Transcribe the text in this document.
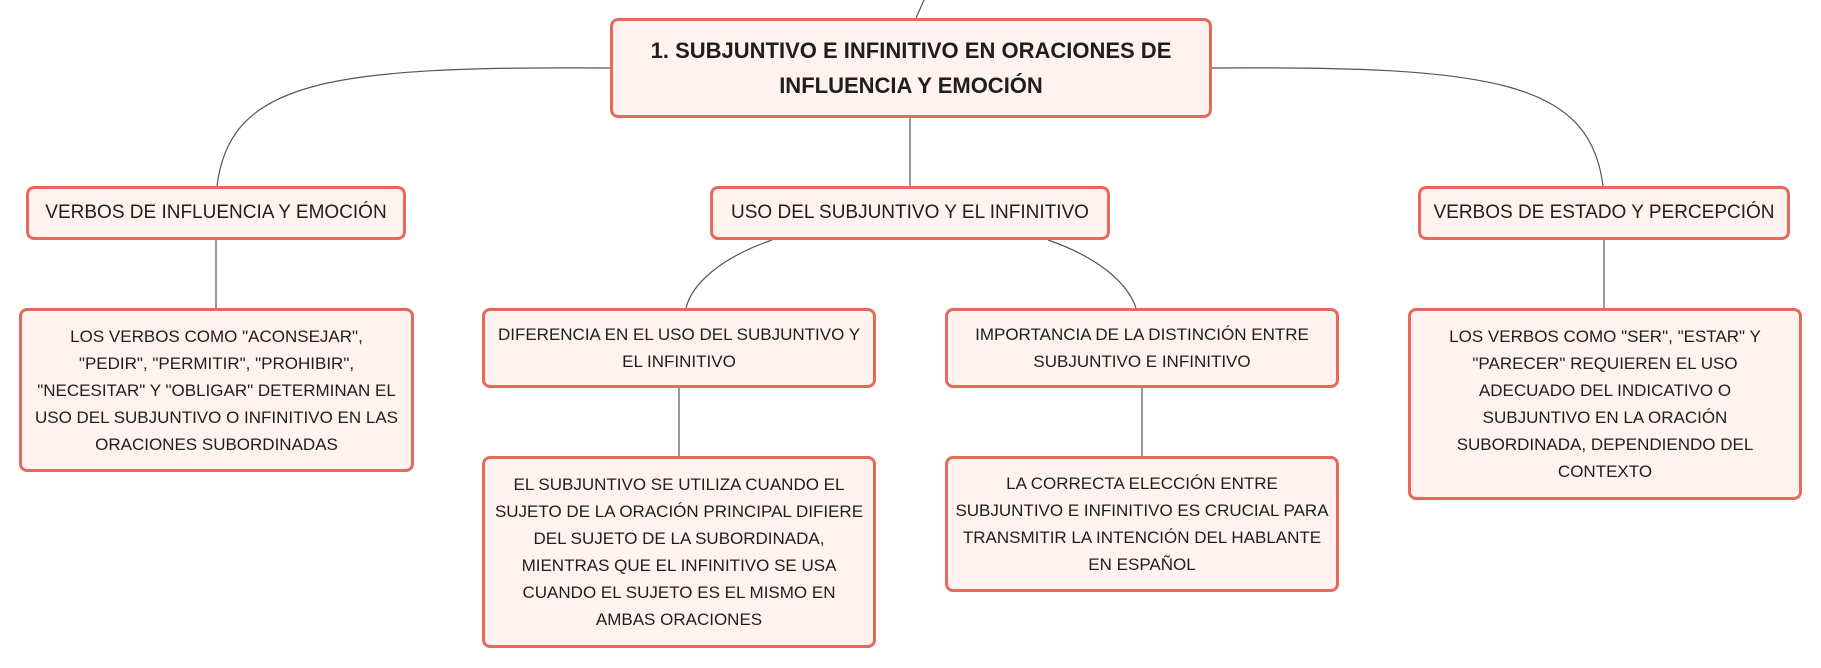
1. SUBJUNTIVO E INFINITIVO EN ORACIONES DE INFLUENCIA Y EMOCIÓN
VERBOS DE INFLUENCIA Y EMOCIÓN	USO DEL SUBJUNTIVO Y EL INFINITIVO	VERBOS DE ESTADO Y PERCEPCIÓN
LOS VERBOS COMO "ACONSEJAR", "PEDIR", "PERMITIR", "PROHIBIR", "NECESITAR" Y "OBLIGAR" DETERMINAN EL USO DEL SUBJUNTIVO O INFINITIVO EN LAS ORACIONES SUBORDINADAS
DIFERENCIA EN EL USO DEL SUBJUNTIVO Y EL INFINITIVO
IMPORTANCIA DE LA DISTINCIÓN ENTRE SUBJUNTIVO E INFINITIVO
EL SUBJUNTIVO SE UTILIZA CUANDO EL SUJETO DE LA ORACIÓN PRINCIPAL DIFIERE DEL SUJETO DE LA SUBORDINADA, MIENTRAS QUE EL INFINITIVO SE USA CUANDO EL SUJETO ES EL MISMO EN AMBAS ORACIONES
LA CORRECTA ELECCIÓN ENTRE SUBJUNTIVO E INFINITIVO ES CRUCIAL PARA TRANSMITIR LA INTENCIÓN DEL HABLANTE EN ESPAÑOL
LOS VERBOS COMO "SER", "ESTAR" Y "PARECER" REQUIEREN EL USO ADECUADO DEL INDICATIVO O SUBJUNTIVO EN LA ORACIÓN SUBORDINADA, DEPENDIENDO DEL CONTEXTO
